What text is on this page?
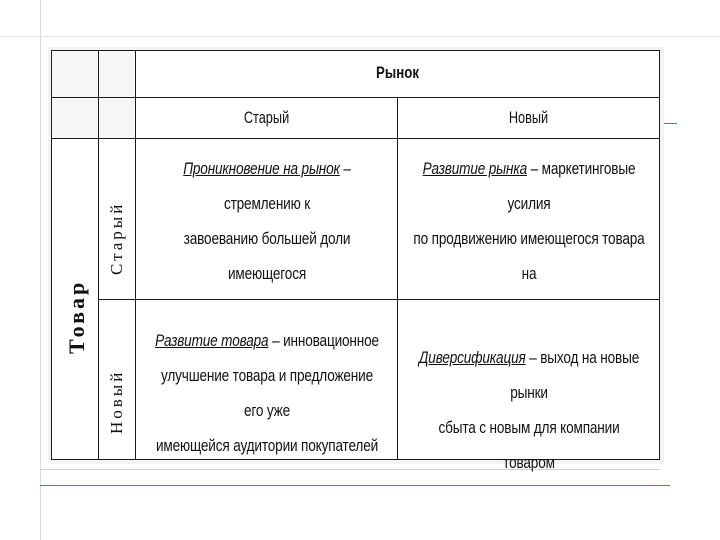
Рынок
Старый	Новый
Товар
Старый
Новый
Проникновение на рынок – стремлению к
завоеванию большей доли имеющегося
Развитие рынка – маркетинговые усилия
по продвижению имеющегося товара на
Развитие товара – инновационное
улучшение товара и предложение его уже
имеющейся аудитории покупателей
Диверсификация – выход на новые рынки
сбыта с новым для компании товаром
